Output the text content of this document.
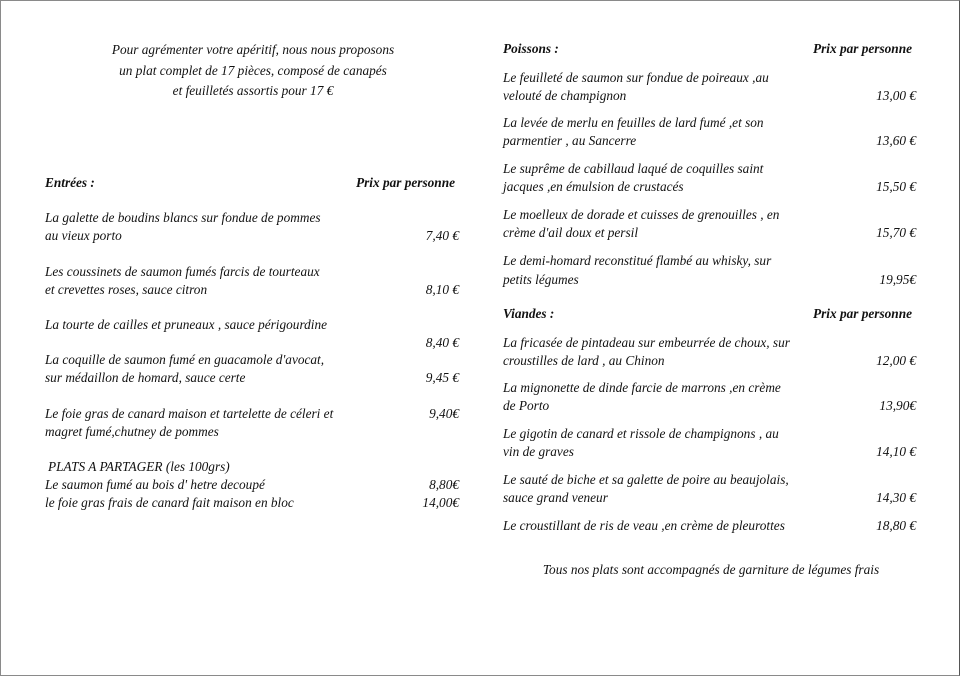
Pour agrémenter votre apéritif, nous nous proposons
un plat complet de 17 pièces, composé de canapés
et feuilletés assortis pour 17 €
Entrées :	Prix par personne
La galette de boudins blancs sur fondue de pommes
au vieux porto	7,40 €
Les coussinets de saumon fumés farcis de tourteaux
et crevettes roses, sauce citron	8,10 €
La tourte de cailles et pruneaux , sauce périgourdine
8,40 €
La coquille de saumon fumé en guacamole d'avocat,
sur médaillon de homard, sauce certe	9,45 €
Le foie gras de canard maison et tartelette de céleri et
magret fumé,chutney de pommes
9,40€
PLATS A PARTAGER (les 100grs)
Le saumon fumé au bois d' hetre decoupé	8,80€
le foie gras frais de canard fait maison en bloc	14,00€
Poissons :	Prix par personne
Le feuilleté de saumon sur fondue de poireaux ,au
velouté de champignon	13,00 €
La levée de merlu en feuilles de lard fumé ,et son
parmentier , au Sancerre	13,60 €
Le suprême de cabillaud laqué de coquilles saint
jacques ,en émulsion de crustacés	15,50 €
Le moelleux de dorade et cuisses de grenouilles , en
crème d'ail doux et persil	15,70 €
Le demi-homard reconstitué flambé au whisky, sur
petits légumes	19,95€
Viandes :	Prix par personne
La fricasée de pintadeau sur embeurrée de choux, sur
croustilles de lard , au Chinon	12,00 €
La mignonette de dinde farcie de marrons ,en crème
de Porto	13,90€
Le gigotin de canard et rissole de champignons , au
vin de graves	14,10 €
Le sauté de biche et sa galette de poire au beaujolais,
sauce grand veneur	14,30 €
Le croustillant de ris de veau ,en crème de pleurottes	18,80 €
Tous nos plats sont accompagnés de garniture de légumes frais
